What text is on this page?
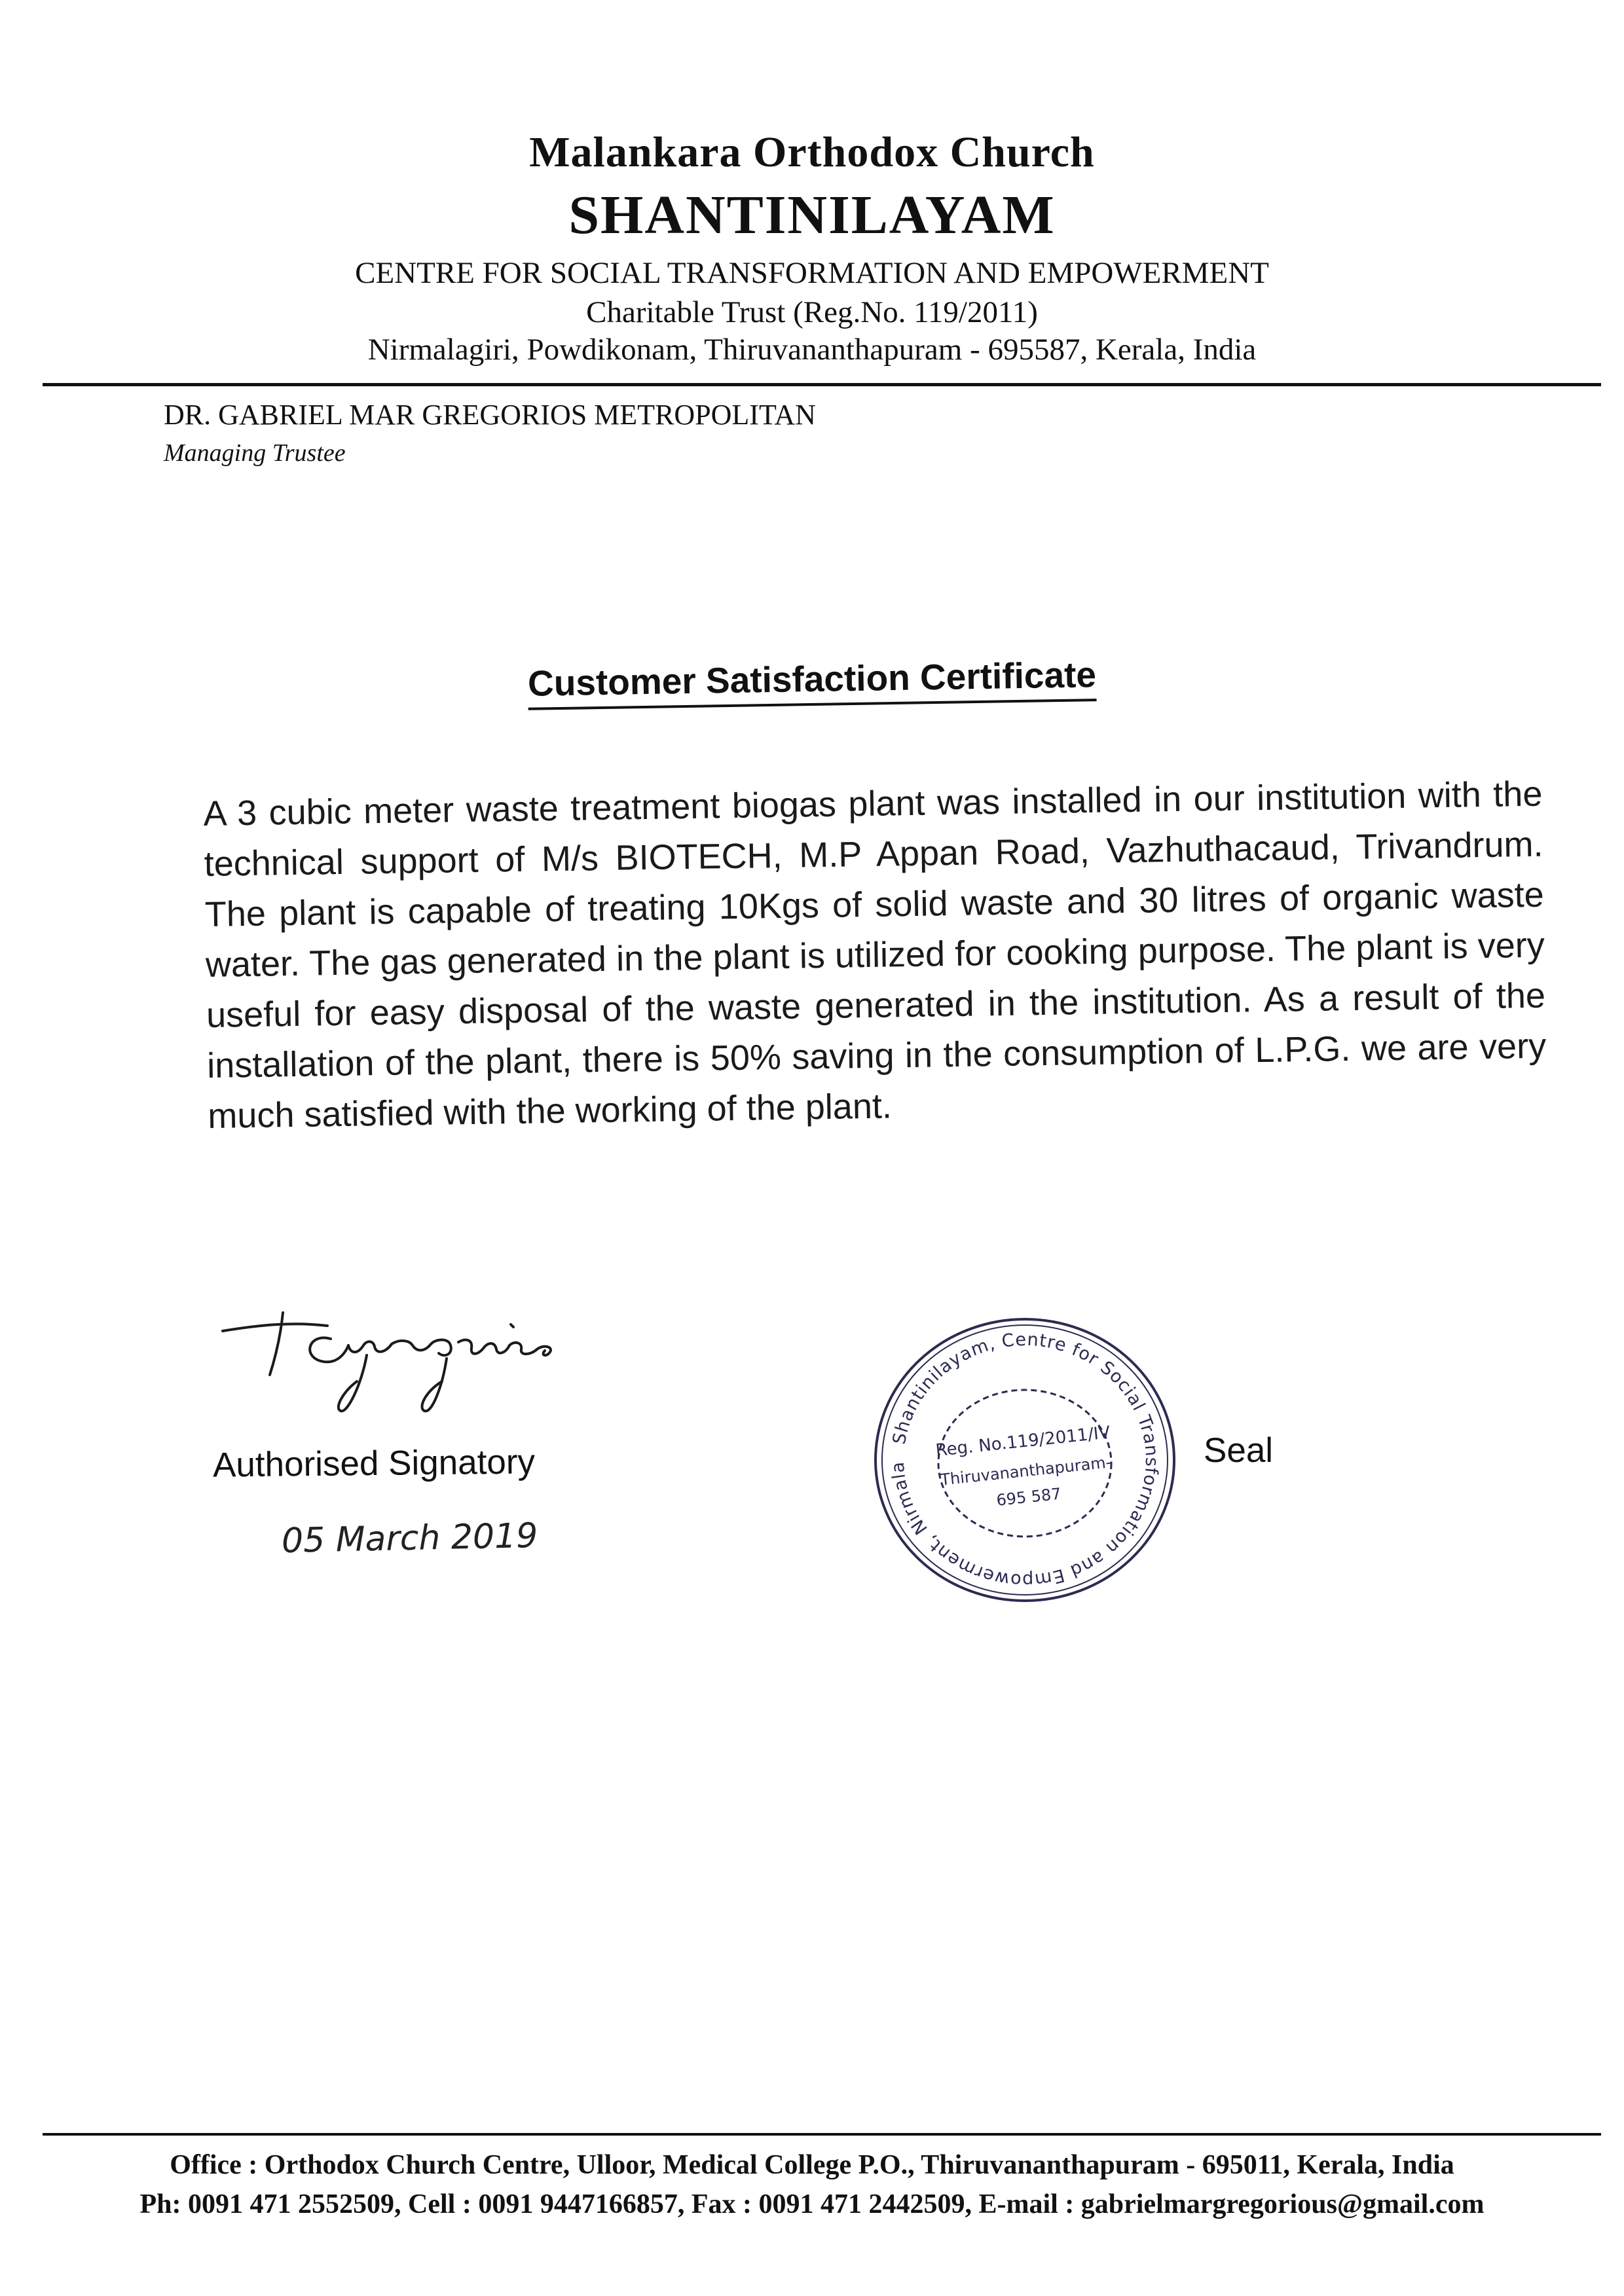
Malankara Orthodox Church
SHANTINILAYAM
CENTRE FOR SOCIAL TRANSFORMATION AND EMPOWERMENT
Charitable Trust (Reg.No. 119/2011)
Nirmalagiri, Powdikonam, Thiruvananthapuram - 695587, Kerala, India
DR. GABRIEL MAR GREGORIOS METROPOLITAN
Managing Trustee
Customer Satisfaction Certificate
A 3 cubic meter waste treatment biogas plant was installed in our institution with the technical support of M/s BIOTECH, M.P Appan Road, Vazhuthacaud, Trivandrum. The plant is capable of treating 10Kgs of solid waste and 30 litres of organic waste water. The gas generated in the plant is utilized for cooking purpose. The plant is very useful for easy disposal of the waste generated in the institution. As a result of the installation of the plant, there is 50% saving in the consumption of L.P.G. we are very much satisfied with the working of the plant.
Authorised Signatory
05 March 2019
Shantinilayam, Centre for Social Transformation and Empowerment, Nirmala
Reg. No.119/2011/IV
Thiruvananthapuram-
695 587
Seal
Office : Orthodox Church Centre, Ulloor, Medical College P.O., Thiruvananthapuram - 695011, Kerala, India
Ph: 0091 471 2552509, Cell : 0091 9447166857, Fax : 0091 471 2442509, E-mail : gabrielmargregorious@gmail.com
